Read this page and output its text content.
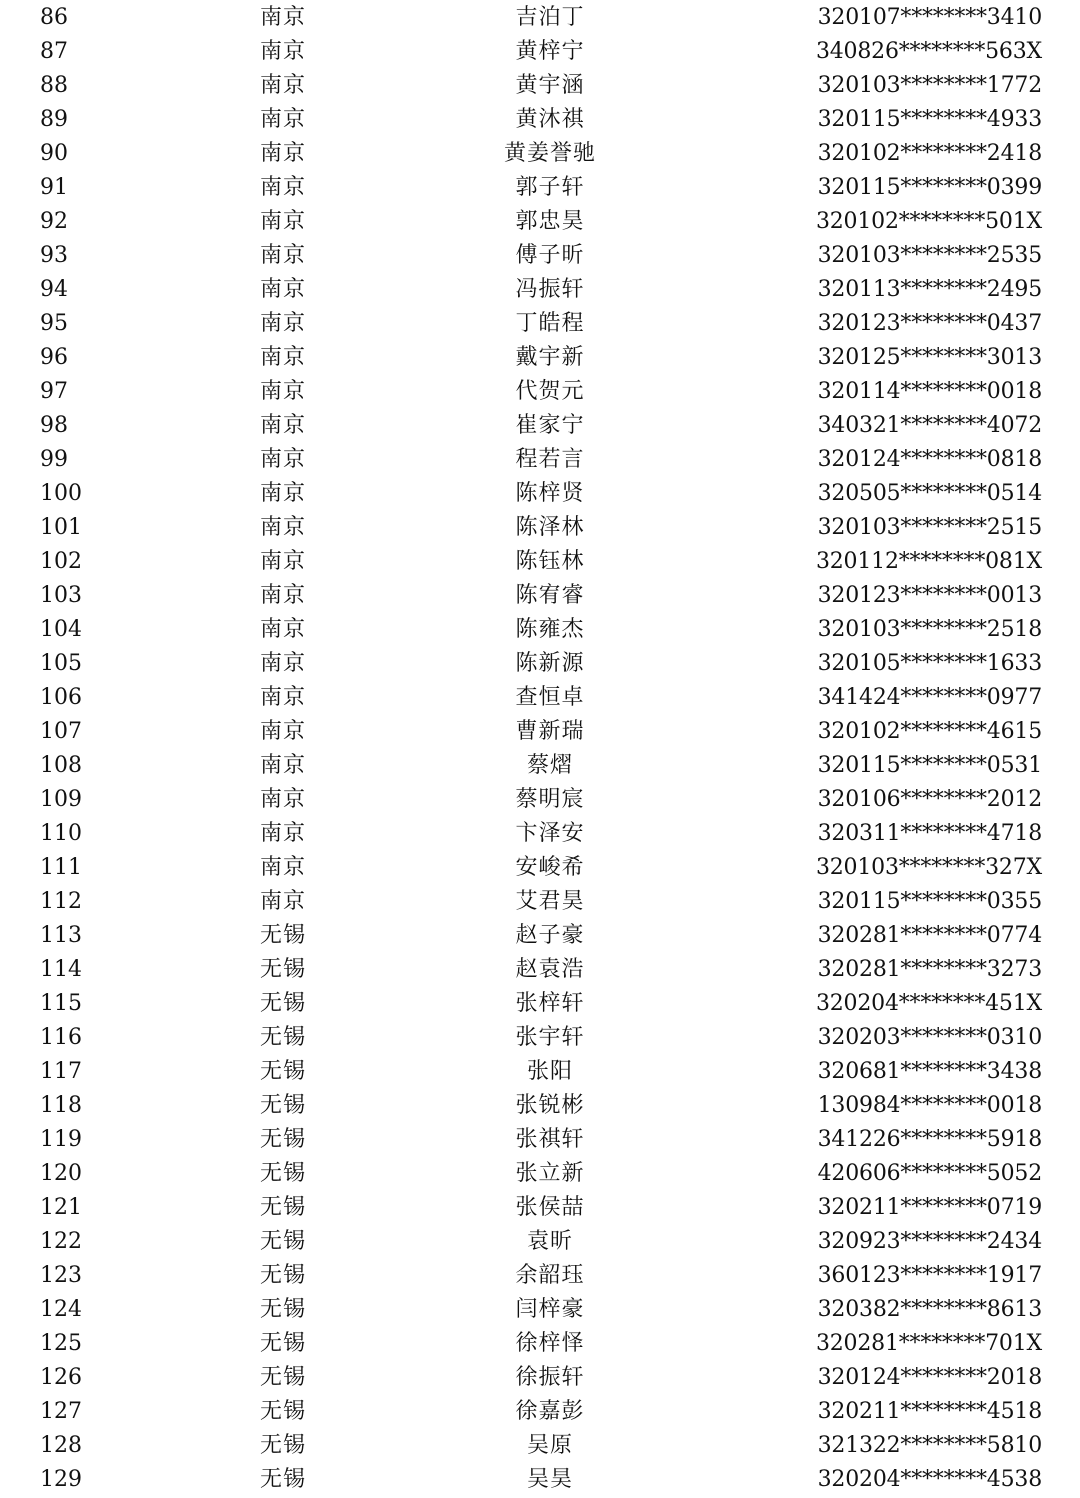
86	南京	吉泊丁	320107********3410
87	南京	黄梓宁	340826********563X
88	南京	黄宇涵	320103********1772
89	南京	黄沐祺	320115********4933
90	南京	黄姜誉驰	320102********2418
91	南京	郭子轩	320115********0399
92	南京	郭忠昊	320102********501X
93	南京	傅子昕	320103********2535
94	南京	冯振轩	320113********2495
95	南京	丁皓程	320123********0437
96	南京	戴宇新	320125********3013
97	南京	代贺元	320114********0018
98	南京	崔家宁	340321********4072
99	南京	程若言	320124********0818
100	南京	陈梓贤	320505********0514
101	南京	陈泽林	320103********2515
102	南京	陈钰林	320112********081X
103	南京	陈宥睿	320123********0013
104	南京	陈雍杰	320103********2518
105	南京	陈新源	320105********1633
106	南京	查恒卓	341424********0977
107	南京	曹新瑞	320102********4615
108	南京	蔡熠	320115********0531
109	南京	蔡明宸	320106********2012
110	南京	卞泽安	320311********4718
111	南京	安峻希	320103********327X
112	南京	艾君昊	320115********0355
113	无锡	赵子豪	320281********0774
114	无锡	赵袁浩	320281********3273
115	无锡	张梓轩	320204********451X
116	无锡	张宇轩	320203********0310
117	无锡	张阳	320681********3438
118	无锡	张锐彬	130984********0018
119	无锡	张祺轩	341226********5918
120	无锡	张立新	420606********5052
121	无锡	张侯喆	320211********0719
122	无锡	袁昕	320923********2434
123	无锡	余韶珏	360123********1917
124	无锡	闫梓豪	320382********8613
125	无锡	徐梓怿	320281********701X
126	无锡	徐振轩	320124********2018
127	无锡	徐嘉彭	320211********4518
128	无锡	吴原	321322********5810
129	无锡	吴昊	320204********4538
